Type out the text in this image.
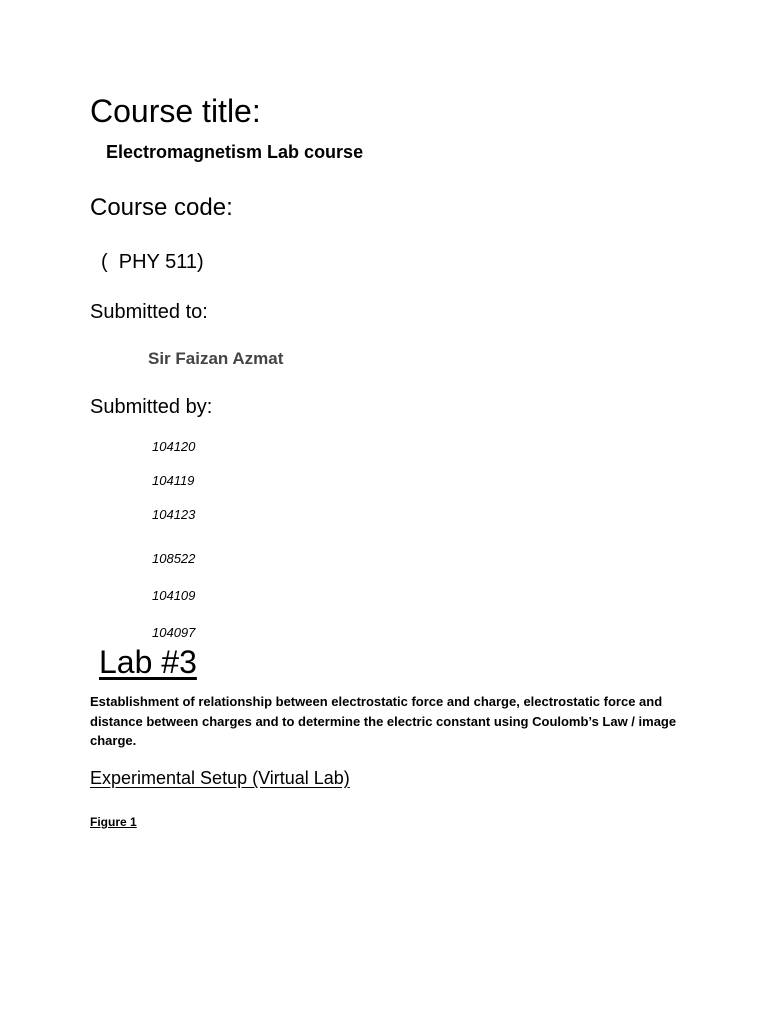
Course title:
Electromagnetism Lab course
Course code:
(  PHY 511)
Submitted to:
Sir Faizan Azmat
Submitted by:
104120
104119
104123
108522
104109
104097
Lab #3
Establishment of relationship between electrostatic force and charge, electrostatic force and distance between charges and to determine the electric constant using Coulomb’s Law / image charge.
Experimental Setup (Virtual Lab)
Figure 1
